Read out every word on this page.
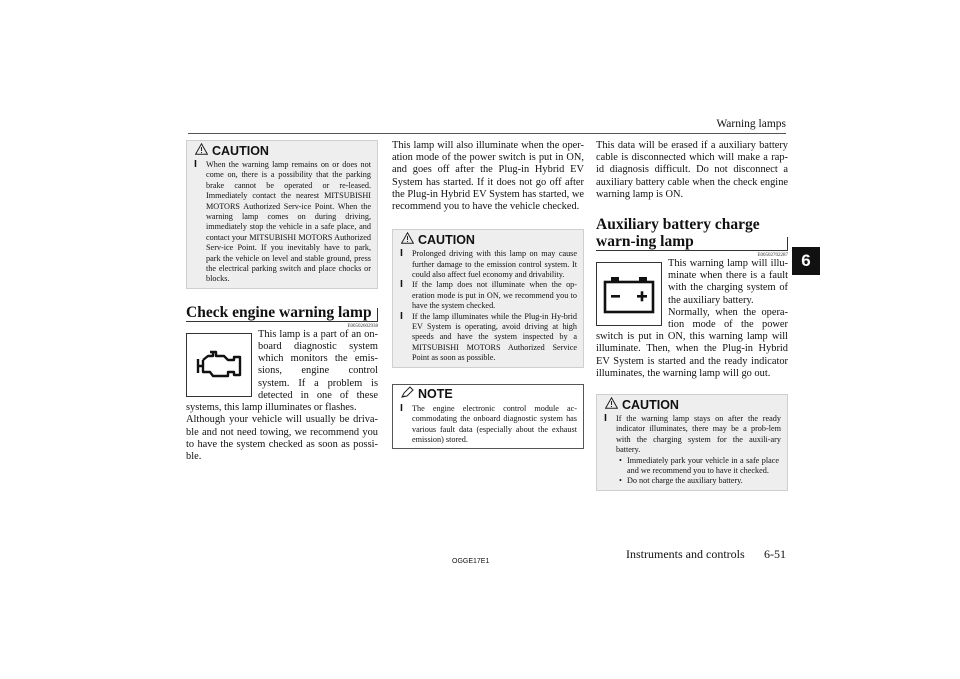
Warning lamps
6
CAUTION
l When the warning lamp remains on or does not come on, there is a possibility that the parking brake cannot be operated or re-leased. Immediately contact the nearest MITSUBISHI MOTORS Authorized Serv-ice Point. When the warning lamp comes on during driving, immediately stop the vehicle in a safe place, and contact your MITSUBISHI MOTORS Authorized Serv-ice Point. If you inevitably have to park, park the vehicle on level and stable ground, press the electrical parking switch and place chocks or blocks.
Check engine warning lamp
E00502602938
This lamp is a part of an on-board diagnostic system which monitors the emis-sions, engine control system. If a problem is detected in one of these systems, this lamp illuminates or flashes.
Although your vehicle will usually be driva-ble and not need towing, we recommend you to have the system checked as soon as possi-ble.
This lamp will also illuminate when the oper-ation mode of the power switch is put in ON, and goes off after the Plug-in Hybrid EV System has started. If it does not go off after the Plug-in Hybrid EV System has started, we recommend you to have the vehicle checked.
CAUTION
l Prolonged driving with this lamp on may cause further damage to the emission control system. It could also affect fuel economy and drivability.
l If the lamp does not illuminate when the op-eration mode is put in ON, we recommend you to have the system checked.
l If the lamp illuminates while the Plug-in Hy-brid EV System is operating, avoid driving at high speeds and have the system inspected by a MITSUBISHI MOTORS Authorized Service Point as soon as possible.
NOTE
l The engine electronic control module ac-commodating the onboard diagnostic system has various fault data (especially about the exhaust emission) stored.
This data will be erased if a auxiliary battery cable is disconnected which will make a rap-id diagnosis difficult. Do not disconnect a auxiliary battery cable when the check engine warning lamp is ON.
Auxiliary battery charge warn-ing lamp
E00502702287
This warning lamp will illu-minate when there is a fault with the charging system of the auxiliary battery.
Normally, when the opera-tion mode of the power switch is put in ON, this warning lamp will illuminate. Then, when the Plug-in Hybrid EV System is started and the ready indicator illuminates, the warning lamp will go out.
CAUTION
l If the warning lamp stays on after the ready indicator illuminates, there may be a prob-lem with the charging system for the auxili-ary battery.
• Immediately park your vehicle in a safe place and we recommend you to have it checked.
• Do not charge the auxiliary battery.
OGGE17E1
Instruments and controls	6-51
